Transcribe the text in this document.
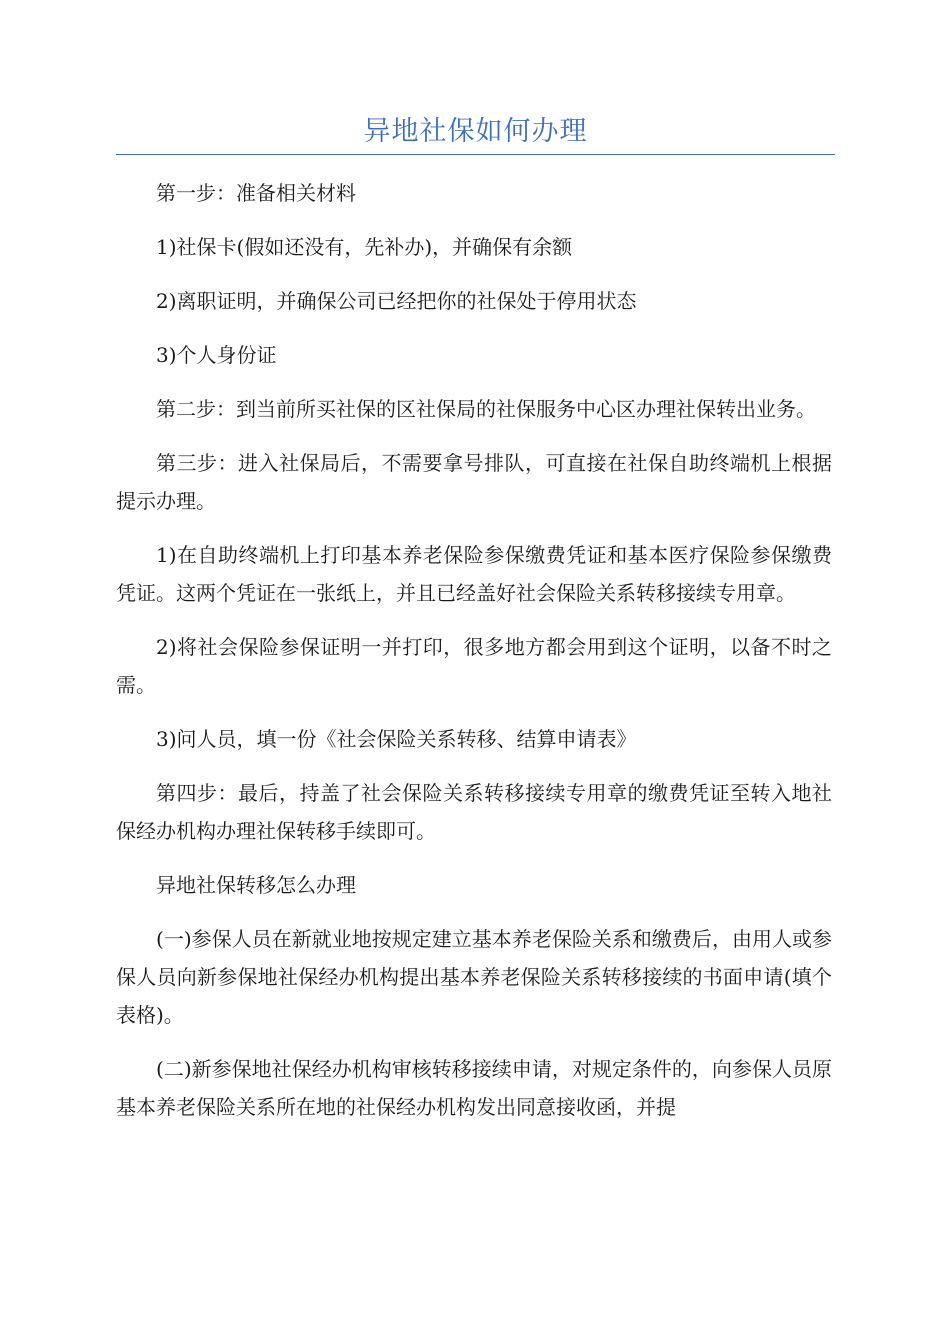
异地社保如何办理

第一步：准备相关材料

1)社保卡(假如还没有，先补办)，并确保有余额

2)离职证明，并确保公司已经把你的社保处于停用状态

3)个人身份证

第二步：到当前所买社保的区社保局的社保服务中心区办理社保转出业务。

第三步：进入社保局后，不需要拿号排队，可直接在社保自助终端机上根据提示办理。

1)在自助终端机上打印基本养老保险参保缴费凭证和基本医疗保险参保缴费凭证。这两个凭证在一张纸上，并且已经盖好社会保险关系转移接续专用章。

2)将社会保险参保证明一并打印，很多地方都会用到这个证明，以备不时之需。

3)问人员，填一份《社会保险关系转移、结算申请表》

第四步：最后，持盖了社会保险关系转移接续专用章的缴费凭证至转入地社保经办机构办理社保转移手续即可。

异地社保转移怎么办理

(一)参保人员在新就业地按规定建立基本养老保险关系和缴费后，由用人或参保人员向新参保地社保经办机构提出基本养老保险关系转移接续的书面申请(填个表格)。

(二)新参保地社保经办机构审核转移接续申请，对规定条件的，向参保人员原基本养老保险关系所在地的社保经办机构发出同意接收函，并提
